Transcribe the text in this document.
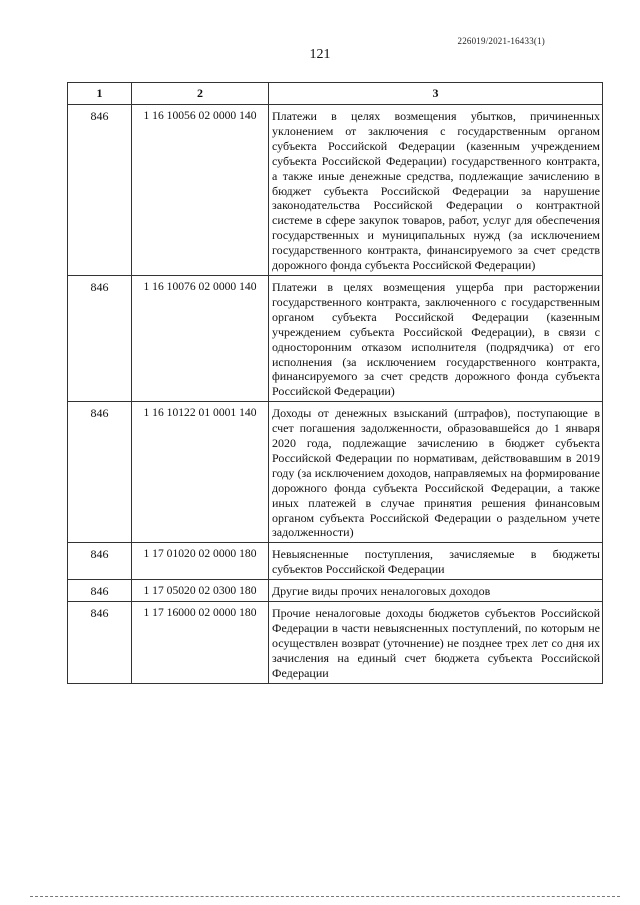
226019/2021-16433(1)
121
1	2	3
846	1 16 10056 02 0000 140	Платежи в целях возмещения убытков, причиненных уклонением от заключения с государственным органом субъекта Российской Федерации (казенным учреждением субъекта Российской Федерации) государственного контракта, а также иные денежные средства, подлежащие зачислению в бюджет субъекта Российской Федерации за нарушение законодательства Российской Федерации о контрактной системе в сфере закупок товаров, работ, услуг для обеспечения государственных и муниципальных нужд (за исключением государственного контракта, финансируемого за счет средств дорожного фонда субъекта Российской Федерации)
846	1 16 10076 02 0000 140	Платежи в целях возмещения ущерба при расторжении государственного контракта, заключенного с государственным органом субъекта Российской Федерации (казенным учреждением субъекта Российской Федерации), в связи с односторонним отказом исполнителя (подрядчика) от его исполнения (за исключением государственного контракта, финансируемого за счет средств дорожного фонда субъекта Российской Федерации)
846	1 16 10122 01 0001 140	Доходы от денежных взысканий (штрафов), поступающие в счет погашения задолженности, образовавшейся до 1 января 2020 года, подлежащие зачислению в бюджет субъекта Российской Федерации по нормативам, действовавшим в 2019 году (за исключением доходов, направляемых на формирование дорожного фонда субъекта Российской Федерации, а также иных платежей в случае принятия решения финансовым органом субъекта Российской Федерации о раздельном учете задолженности)
846	1 17 01020 02 0000 180	Невыясненные поступления, зачисляемые в бюджеты субъектов Российской Федерации
846	1 17 05020 02 0300 180	Другие виды прочих неналоговых доходов
846	1 17 16000 02 0000 180	Прочие неналоговые доходы бюджетов субъектов Российской Федерации в части невыясненных поступлений, по которым не осуществлен возврат (уточнение) не позднее трех лет со дня их зачисления на единый счет бюджета субъекта Российской Федерации
